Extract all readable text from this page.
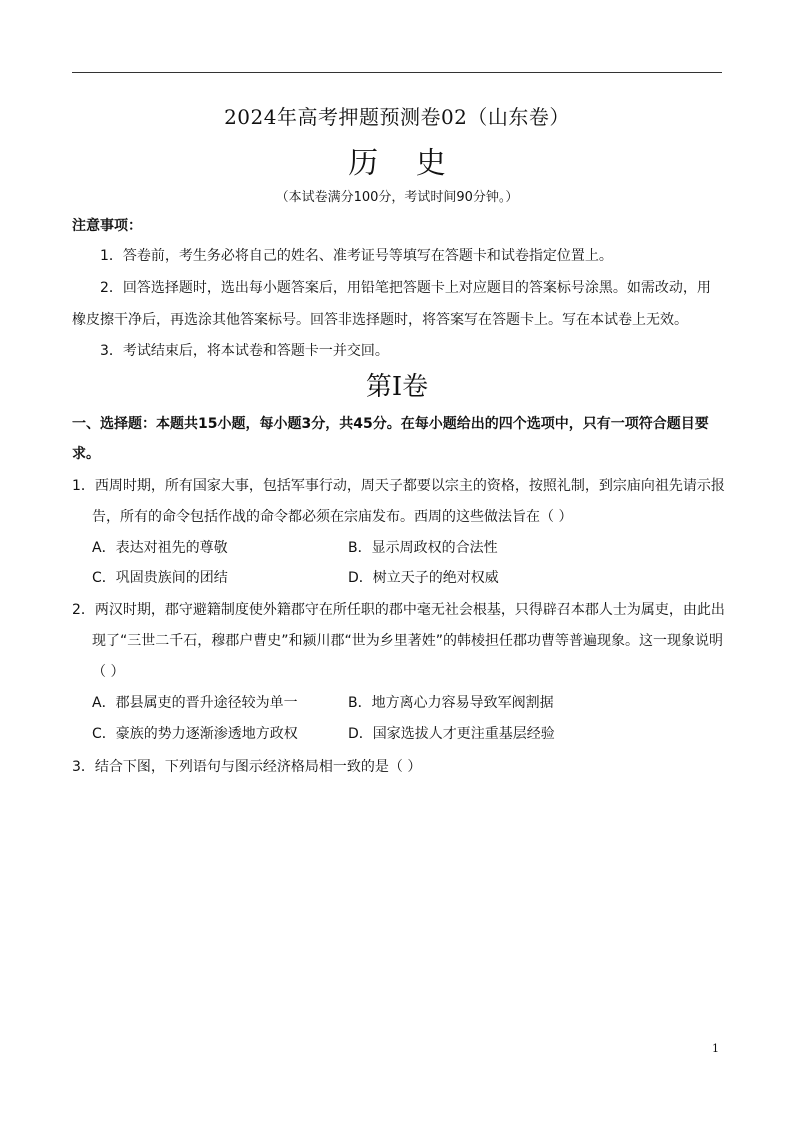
2024年高考押题预测卷02（山东卷）
历 史
（本试卷满分100分，考试时间90分钟。）
注意事项：
1．答卷前，考生务必将自己的姓名、准考证号等填写在答题卡和试卷指定位置上。
2．回答选择题时，选出每小题答案后，用铅笔把答题卡上对应题目的答案标号涂黑。如需改动，用
橡皮擦干净后，再选涂其他答案标号。回答非选择题时，将答案写在答题卡上。写在本试卷上无效。
3．考试结束后，将本试卷和答题卡一并交回。
第Ⅰ卷
一、选择题：本题共15小题，每小题3分，共45分。在每小题给出的四个选项中，只有一项符合题目要
求。
1．西周时期，所有国家大事，包括军事行动，周天子都要以宗主的资格，按照礼制，到宗庙向祖先请示报
告，所有的命令包括作战的命令都必须在宗庙发布。西周的这些做法旨在（ ）
A．表达对祖先的尊敬	B．显示周政权的合法性
C．巩固贵族间的团结	D．树立天子的绝对权威
2．两汉时期，郡守避籍制度使外籍郡守在所任职的郡中毫无社会根基，只得辟召本郡人士为属吏，由此出
现了“三世二千石，穆郡户曹史”和颍川郡“世为乡里著姓”的韩棱担任郡功曹等普遍现象。这一现象说明
（ ）
A．郡县属吏的晋升途径较为单一	B．地方离心力容易导致军阀割据
C．豪族的势力逐渐渗透地方政权	D．国家选拔人才更注重基层经验
3．结合下图，下列语句与图示经济格局相一致的是（ ）
1
